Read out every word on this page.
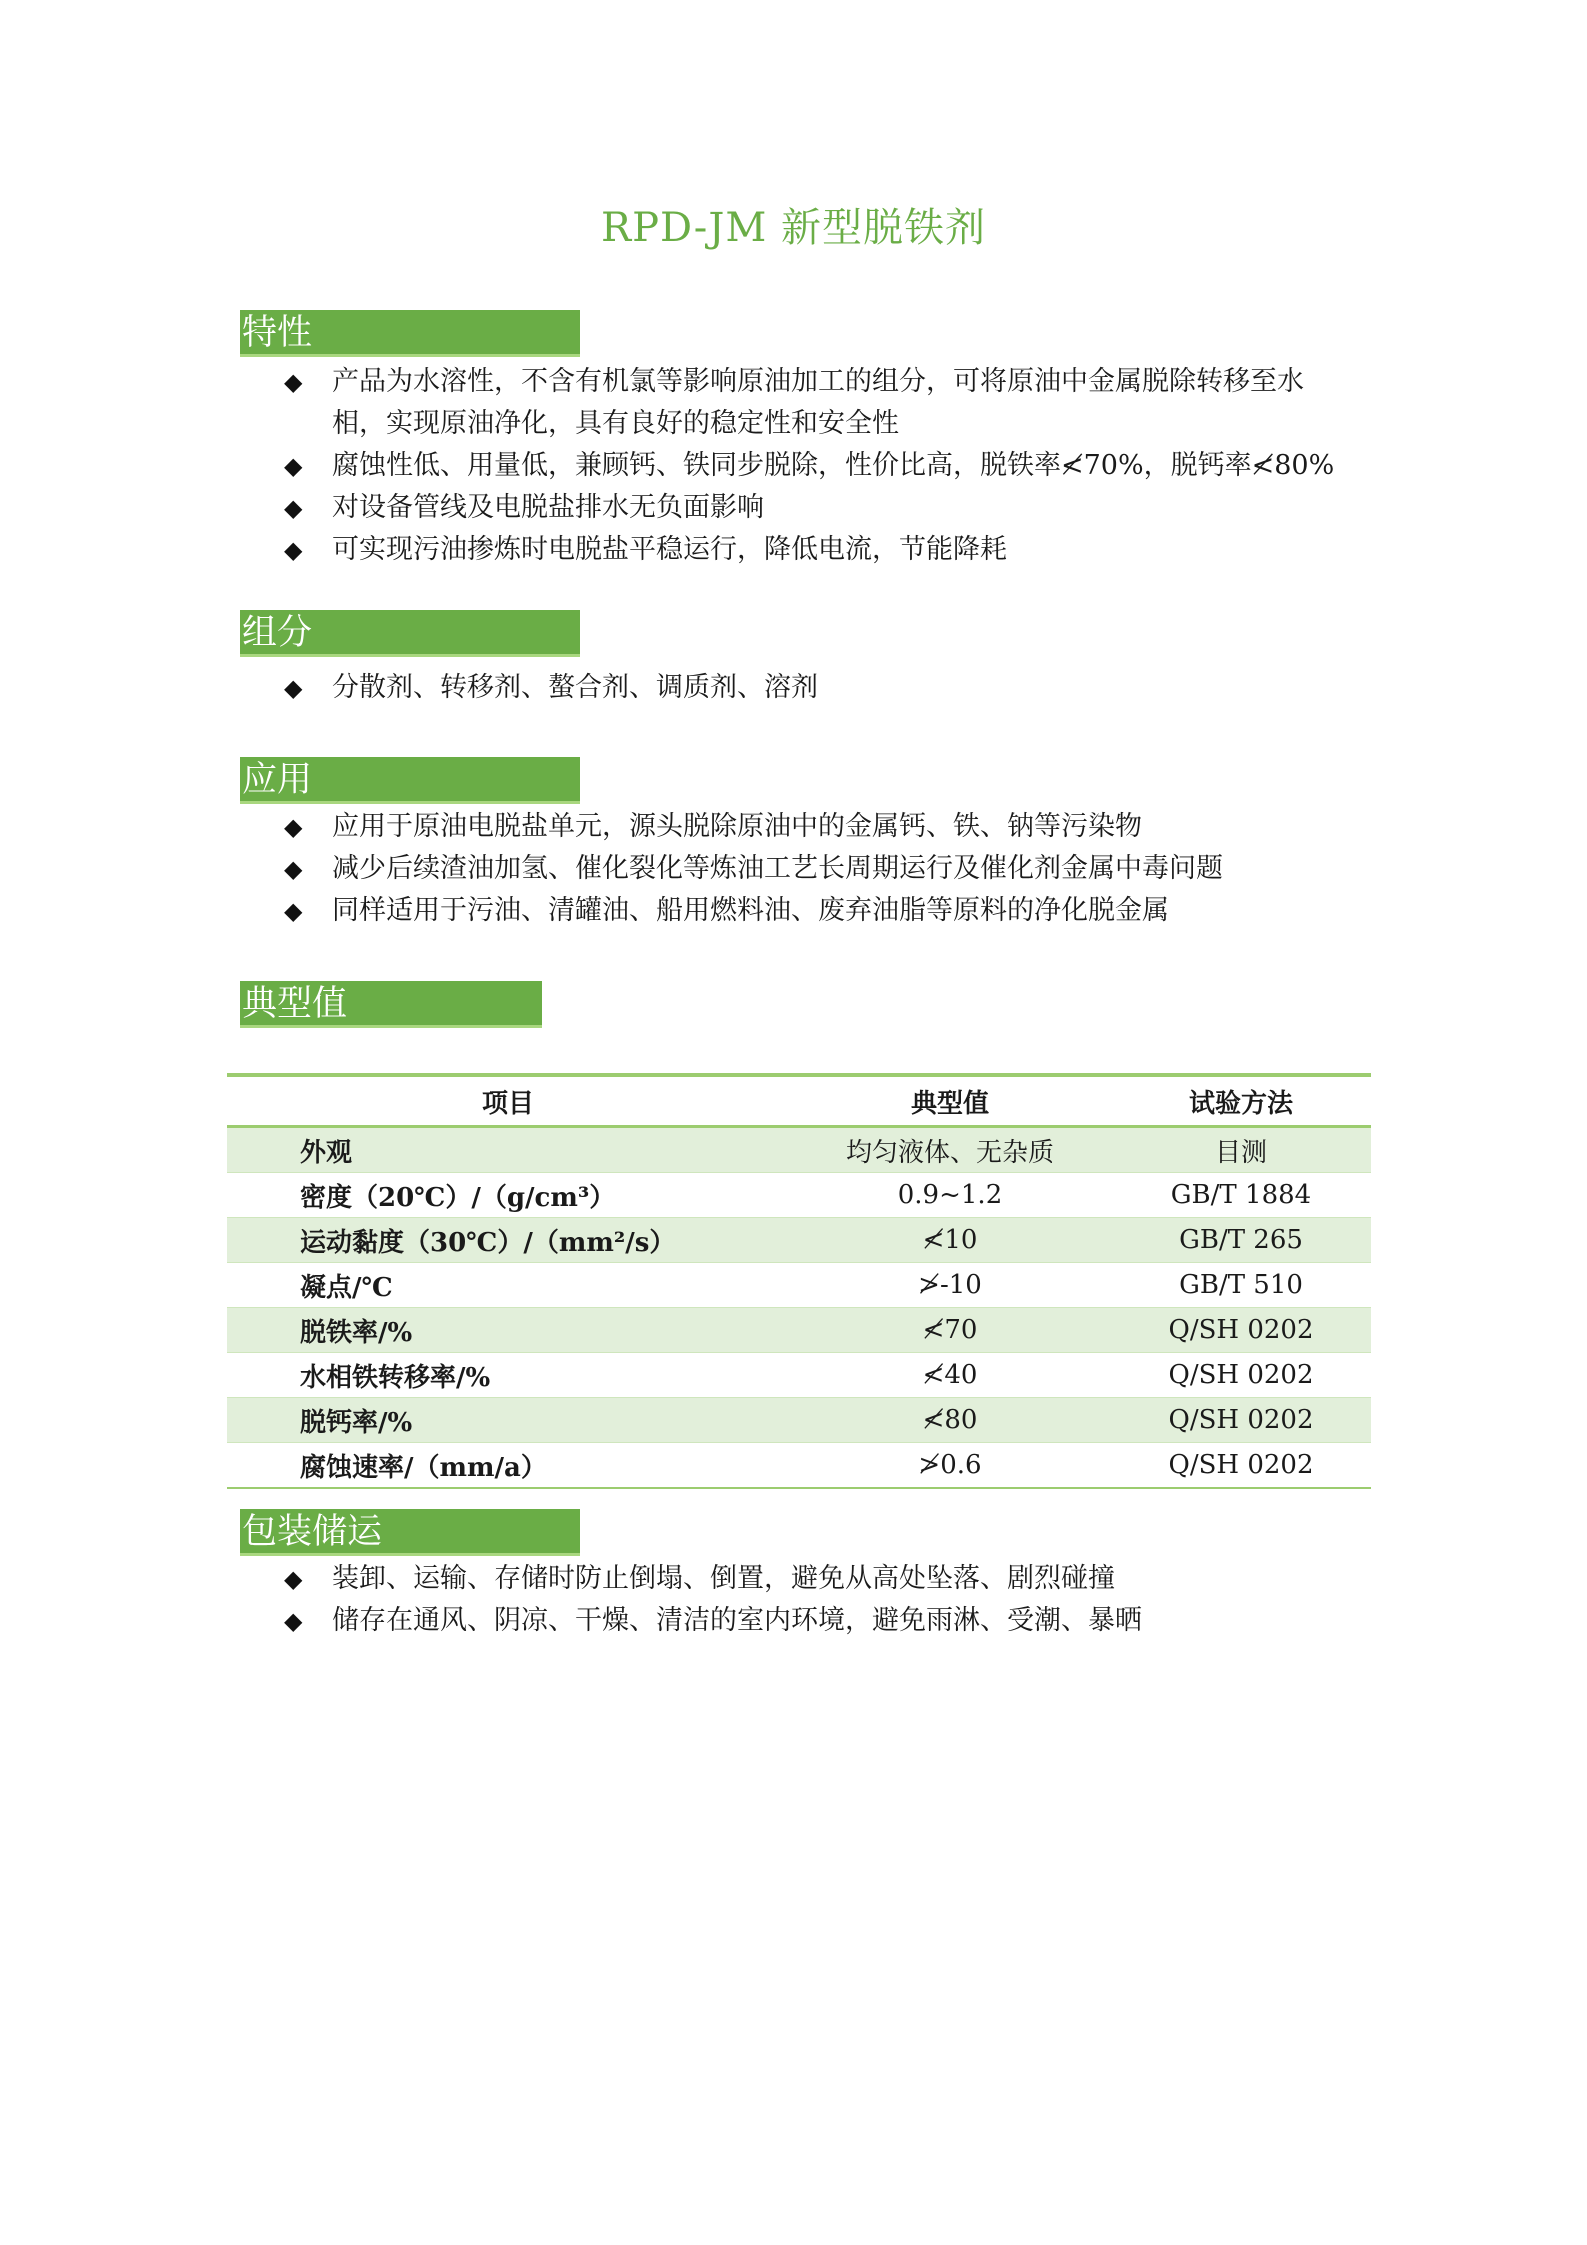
RPD-JM 新型脱铁剂
特性
◆ 产品为水溶性，不含有机氯等影响原油加工的组分，可将原油中金属脱除转移至水
相，实现原油净化，具有良好的稳定性和安全性
◆ 腐蚀性低、用量低，兼顾钙、铁同步脱除，性价比高，脱铁率≮70%，脱钙率≮80%
◆ 对设备管线及电脱盐排水无负面影响
◆ 可实现污油掺炼时电脱盐平稳运行，降低电流，节能降耗
组分
◆ 分散剂、转移剂、螯合剂、调质剂、溶剂
应用
◆ 应用于原油电脱盐单元，源头脱除原油中的金属钙、铁、钠等污染物
◆ 减少后续渣油加氢、催化裂化等炼油工艺长周期运行及催化剂金属中毒问题
◆ 同样适用于污油、清罐油、船用燃料油、废弃油脂等原料的净化脱金属
典型值
项目	典型值	试验方法
外观	均匀液体、无杂质	目测
密度（20℃）/（g/cm³）	0.9~1.2	GB/T 1884
运动黏度（30℃）/（mm²/s）	≮10	GB/T 265
凝点/℃	≯-10	GB/T 510
脱铁率/%	≮70	Q/SH 0202
水相铁转移率/%	≮40	Q/SH 0202
脱钙率/%	≮80	Q/SH 0202
腐蚀速率/（mm/a）	≯0.6	Q/SH 0202
包装储运
◆ 装卸、运输、存储时防止倒塌、倒置，避免从高处坠落、剧烈碰撞
◆ 储存在通风、阴凉、干燥、清洁的室内环境，避免雨淋、受潮、暴晒
